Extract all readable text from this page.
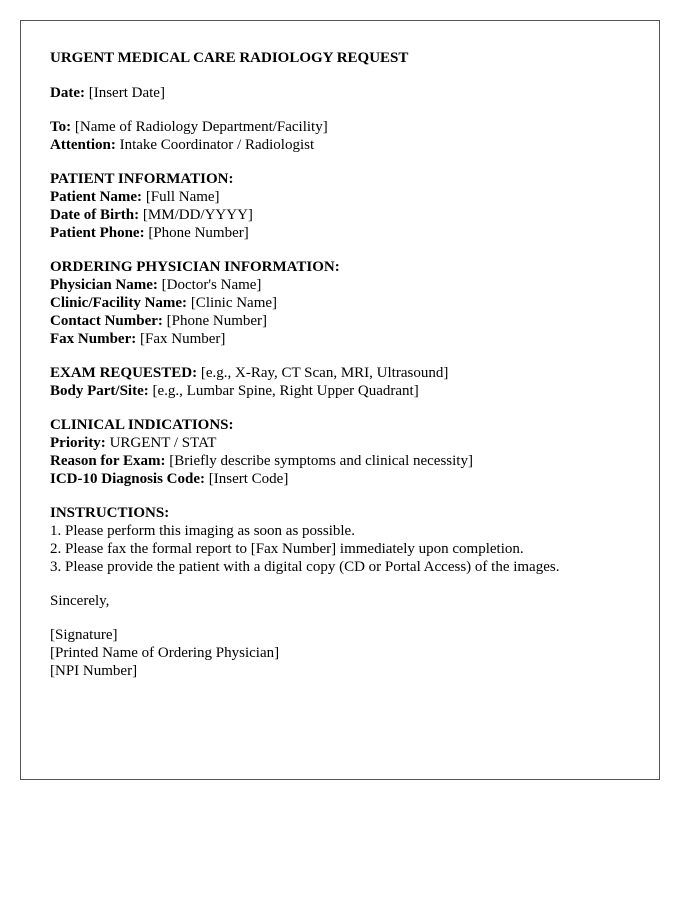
URGENT MEDICAL CARE RADIOLOGY REQUEST
Date: [Insert Date]
To: [Name of Radiology Department/Facility]
Attention: Intake Coordinator / Radiologist
PATIENT INFORMATION:
Patient Name: [Full Name]
Date of Birth: [MM/DD/YYYY]
Patient Phone: [Phone Number]
ORDERING PHYSICIAN INFORMATION:
Physician Name: [Doctor's Name]
Clinic/Facility Name: [Clinic Name]
Contact Number: [Phone Number]
Fax Number: [Fax Number]
EXAM REQUESTED: [e.g., X-Ray, CT Scan, MRI, Ultrasound]
Body Part/Site: [e.g., Lumbar Spine, Right Upper Quadrant]
CLINICAL INDICATIONS:
Priority: URGENT / STAT
Reason for Exam: [Briefly describe symptoms and clinical necessity]
ICD-10 Diagnosis Code: [Insert Code]
INSTRUCTIONS:
1. Please perform this imaging as soon as possible.
2. Please fax the formal report to [Fax Number] immediately upon completion.
3. Please provide the patient with a digital copy (CD or Portal Access) of the images.
Sincerely,
[Signature]
[Printed Name of Ordering Physician]
[NPI Number]
